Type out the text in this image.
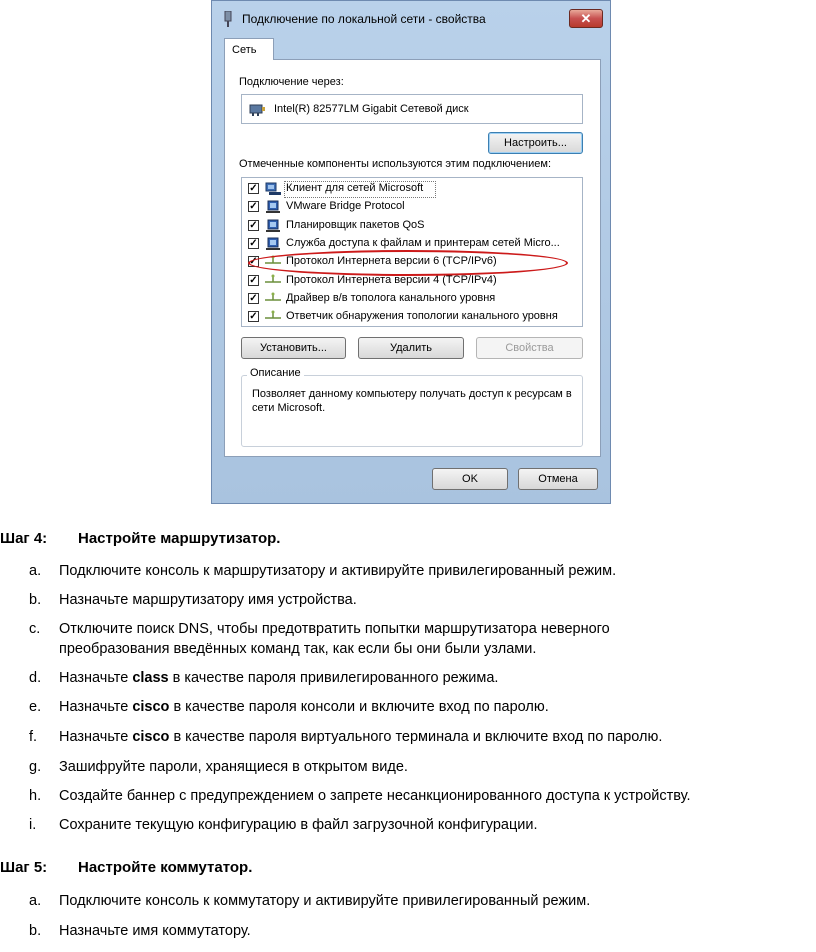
Подключение по локальной сети - свойства	✕
Сеть
Подключение через:
Intel(R) 82577LM Gigabit Сетевой диск
Настроить...
Отмеченные компоненты используются этим подключением:
✓	Клиент для сетей Microsoft
✓	VMware Bridge Protocol
✓	Планировщик пакетов QoS
✓	Служба доступа к файлам и принтерам сетей Micro...
✓	Протокол Интернета версии 6 (TCP/IPv6)
✓	Протокол Интернета версии 4 (TCP/IPv4)
✓	Драйвер в/в тополога канального уровня
✓	Ответчик обнаружения топологии канального уровня
Установить...	Удалить	Свойства
Описание
Позволяет данному компьютеру получать доступ к ресурсам в сети Microsoft.
OK	Отмена
Шаг 4: Настройте маршрутизатор.
a. Подключите консоль к маршрутизатору и активируйте привилегированный режим.
b. Назначьте маршрутизатору имя устройства.
c. Отключите поиск DNS, чтобы предотвратить попытки маршрутизатора неверного
преобразования введённых команд так, как если бы они были узлами.
d. Назначьте class в качестве пароля привилегированного режима.
e. Назначьте cisco в качестве пароля консоли и включите вход по паролю.
f. Назначьте cisco в качестве пароля виртуального терминала и включите вход по паролю.
g. Зашифруйте пароли, хранящиеся в открытом виде.
h. Создайте баннер с предупреждением о запрете несанкционированного доступа к устройству.
i. Сохраните текущую конфигурацию в файл загрузочной конфигурации.
Шаг 5: Настройте коммутатор.
a. Подключите консоль к коммутатору и активируйте привилегированный режим.
b. Назначьте имя коммутатору.
